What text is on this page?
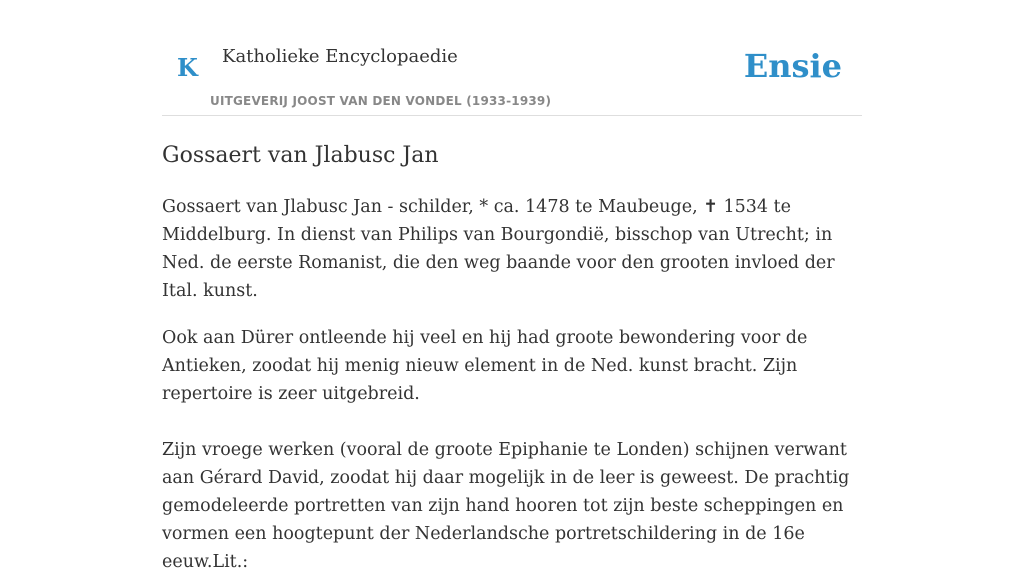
K Katholieke Encyclopaedie
UITGEVERIJ JOOST VAN DEN VONDEL (1933-1939)
Ensie
Gossaert van Jlabusc Jan

Gossaert van Jlabusc Jan - schilder, * ca. 1478 te Maubeuge, ✝ 1534 te Middelburg. In dienst van Philips van Bourgondië, bisschop van Utrecht; in Ned. de eerste Romanist, die den weg baande voor den grooten invloed der Ital. kunst.

Ook aan Dürer ontleende hij veel en hij had groote bewondering voor de Antieken, zoodat hij menig nieuw element in de Ned. kunst bracht. Zijn repertoire is zeer uitgebreid.

Zijn vroege werken (vooral de groote Epiphanie te Londen) schijnen verwant aan Gérard David, zoodat hij daar mogelijk in de leer is geweest. De prachtig gemodeleerde portretten van zijn hand hooren tot zijn beste scheppingen en vormen een hoogtepunt der Nederlandsche portretschildering in de 16e eeuw.Lit.:
